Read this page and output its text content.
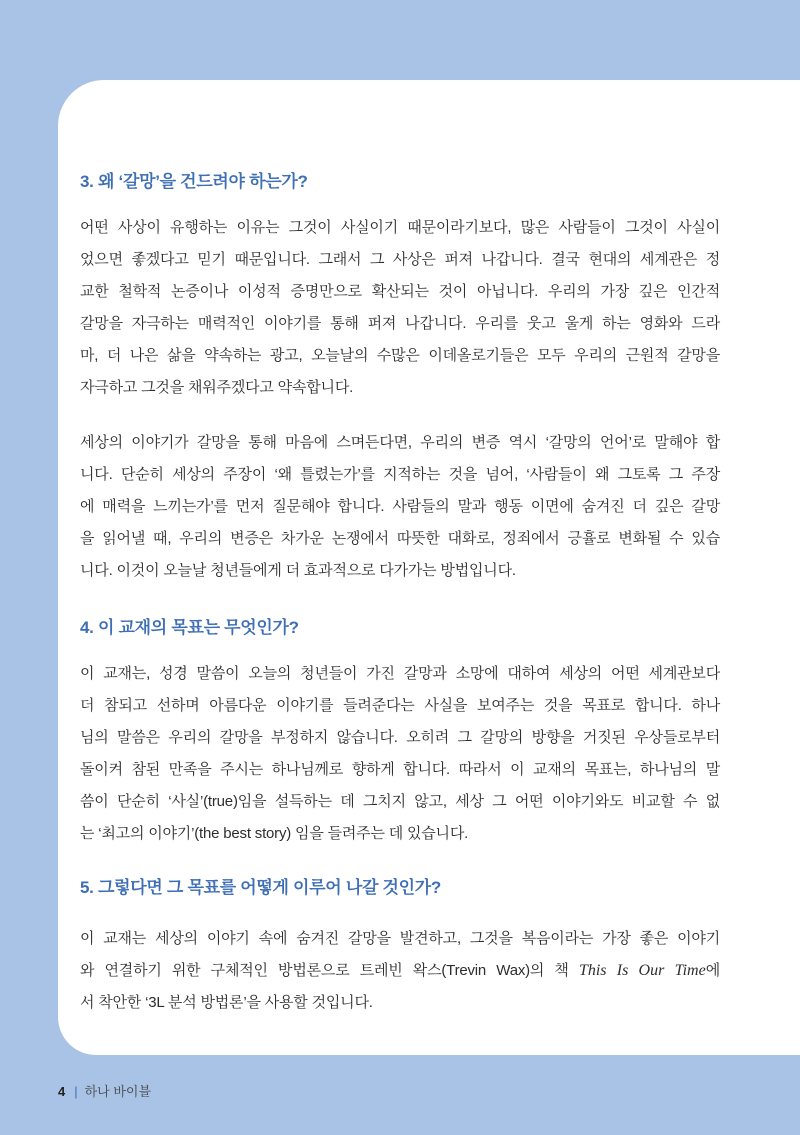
3. 왜 ‘갈망’을 건드려야 하는가?
어떤 사상이 유행하는 이유는 그것이 사실이기 때문이라기보다, 많은 사람들이 그것이 사실이
었으면 좋겠다고 믿기 때문입니다. 그래서 그 사상은 퍼져 나갑니다. 결국 현대의 세계관은 정
교한 철학적 논증이나 이성적 증명만으로 확산되는 것이 아닙니다. 우리의 가장 깊은 인간적
갈망을 자극하는 매력적인 이야기를 통해 퍼져 나갑니다. 우리를 웃고 울게 하는 영화와 드라
마, 더 나은 삶을 약속하는 광고, 오늘날의 수많은 이데올로기들은 모두 우리의 근원적 갈망을
자극하고 그것을 채워주겠다고 약속합니다.
세상의 이야기가 갈망을 통해 마음에 스며든다면, 우리의 변증 역시 ‘갈망의 언어’로 말해야 합
니다. 단순히 세상의 주장이 ‘왜 틀렸는가’를 지적하는 것을 넘어, ‘사람들이 왜 그토록 그 주장
에 매력을 느끼는가’를 먼저 질문해야 합니다. 사람들의 말과 행동 이면에 숨겨진 더 깊은 갈망
을 읽어낼 때, 우리의 변증은 차가운 논쟁에서 따뜻한 대화로, 정죄에서 긍휼로 변화될 수 있습
니다. 이것이 오늘날 청년들에게 더 효과적으로 다가가는 방법입니다.
4. 이 교재의 목표는 무엇인가?
이 교재는, 성경 말씀이 오늘의 청년들이 가진 갈망과 소망에 대하여 세상의 어떤 세계관보다
더 참되고 선하며 아름다운 이야기를 들려준다는 사실을 보여주는 것을 목표로 합니다. 하나
님의 말씀은 우리의 갈망을 부정하지 않습니다. 오히려 그 갈망의 방향을 거짓된 우상들로부터
돌이켜 참된 만족을 주시는 하나님께로 향하게 합니다. 따라서 이 교재의 목표는, 하나님의 말
씀이 단순히 ‘사실’(true)임을 설득하는 데 그치지 않고, 세상 그 어떤 이야기와도 비교할 수 없
는 ‘최고의 이야기’(the best story) 임을 들려주는 데 있습니다.
5. 그렇다면 그 목표를 어떻게 이루어 나갈 것인가?
이 교재는 세상의 이야기 속에 숨겨진 갈망을 발견하고, 그것을 복음이라는 가장 좋은 이야기
와 연결하기 위한 구체적인 방법론으로 트레빈 왁스(Trevin Wax)의 책 This Is Our Time에
서 착안한 ‘3L 분석 방법론’을 사용할 것입니다.
4 | 하나 바이블
